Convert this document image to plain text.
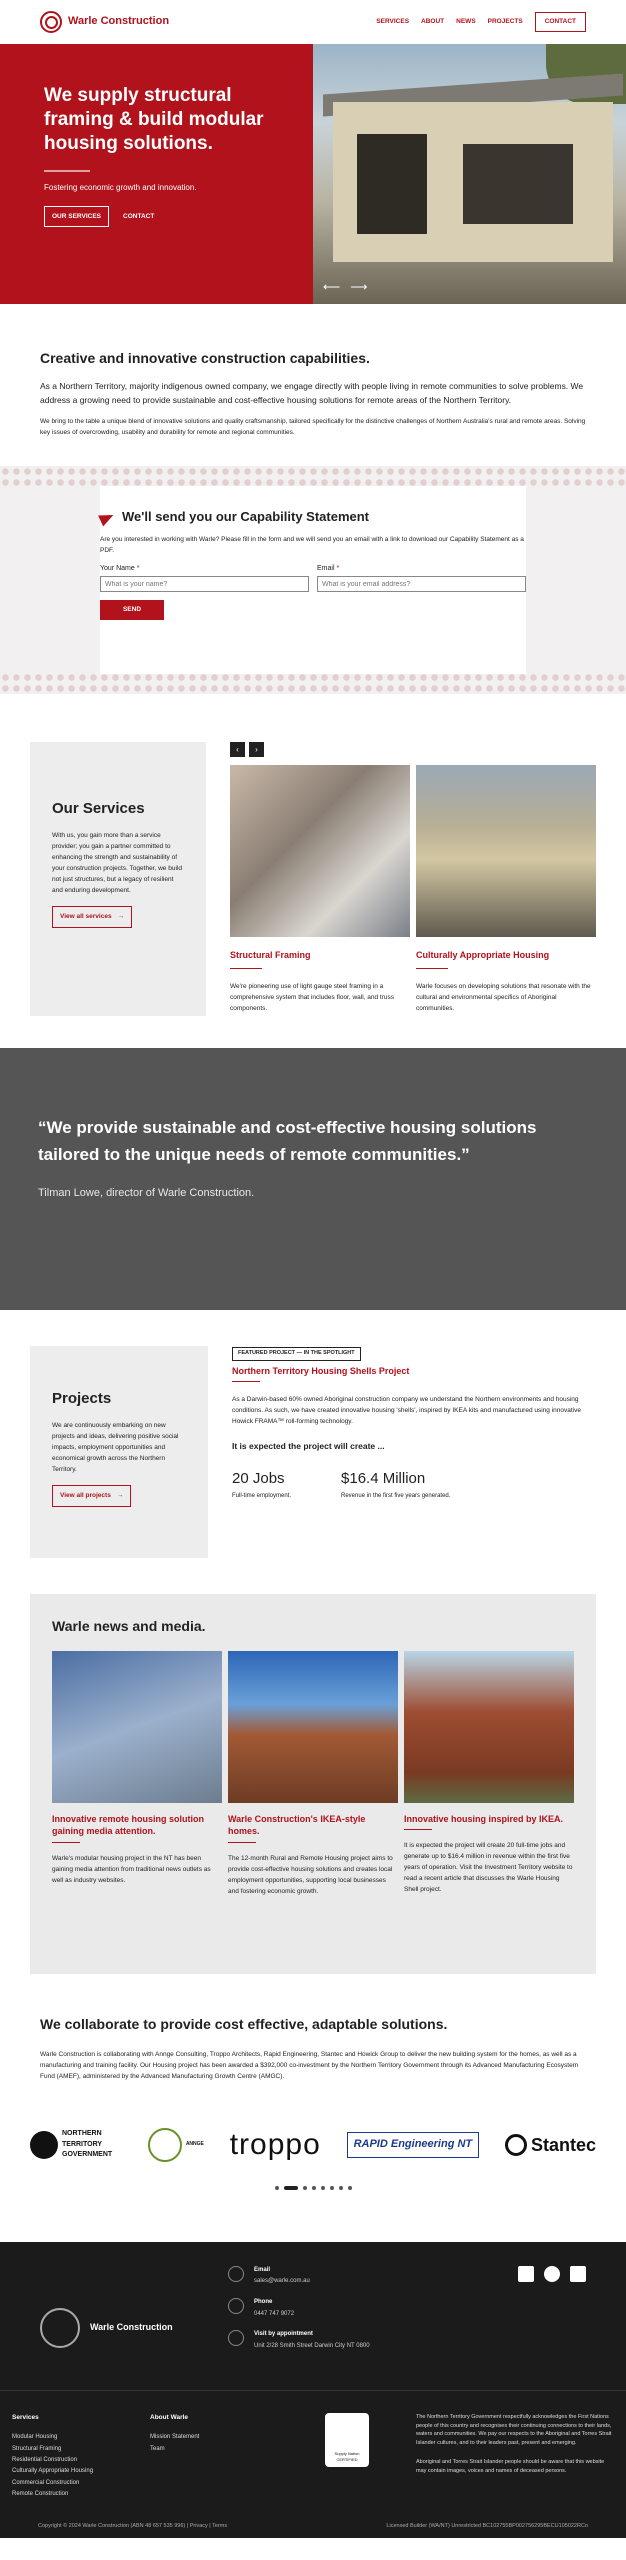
Warle Construction	SERVICES ABOUT NEWS PROJECTS	CONTACT
We supply structural framing & build modular housing solutions.

Fostering economic growth and innovation.

OUR SERVICES	CONTACT
⟵ ⟶
Creative and innovative construction capabilities.

As a Northern Territory, majority indigenous owned company, we engage directly with people living in remote communities to solve problems. We address a growing need to provide sustainable and cost-effective housing solutions for remote areas of the Northern Territory.

We bring to the table a unique blend of innovative solutions and quality craftsmanship, tailored specifically for the distinctive challenges of Northern Australia's rural and remote areas. Solving key issues of overcrowding, usability and durability for remote and regional communities.

We'll send you our Capability Statement

Are you interested in working with Warle? Please fill in the form and we will send you an email with a link to download our Capability Statement as a PDF.

Your Name *
What is your name?	Email *
What is your email address?
SEND
Our Services

With us, you gain more than a service provider; you gain a partner committed to enhancing the strength and sustainability of your construction projects. Together, we build not just structures, but a legacy of resilient and enduring development.

View all services →
‹	›
Structural Framing

We're pioneering use of light gauge steel framing in a comprehensive system that includes floor, wall, and truss components.

Culturally Appropriate Housing

Warle focuses on developing solutions that resonate with the cultural and environmental specifics of Aboriginal communities.

“We provide sustainable and cost-effective housing solutions tailored to the unique needs of remote communities.”

Tilman Lowe, director of Warle Construction.

Projects

We are continuously embarking on new projects and ideas, delivering positive social impacts, employment opportunities and economical growth across the Northern Territory.

View all projects →
FEATURED PROJECT — IN THE SPOTLIGHT
Northern Territory Housing Shells Project

As a Darwin-based 60% owned Aboriginal construction company we understand the Northern environments and housing conditions. As such, we have created innovative housing 'shells', inspired by IKEA kits and manufactured using innovative Howick FRAMA™ roll-forming technology.

It is expected the project will create ...

20 Jobs
Full-time employment.
$16.4 Million
Revenue in the first five years generated.
Warle news and media.
Innovative remote housing solution gaining media attention.

Warle's modular housing project in the NT has been gaining media attention from traditional news outlets as well as industry websites.

Warle Construction's IKEA-style homes.

The 12-month Rural and Remote Housing project aims to provide cost-effective housing solutions and creates local employment opportunities, supporting local businesses and fostering economic growth.

Innovative housing inspired by IKEA.

It is expected the project will create 20 full-time jobs and generate up to $16.4 million in revenue within the first five years of operation. Visit the Investment Territory website to read a recent article that discusses the Warle Housing Shell project.

We collaborate to provide cost effective, adaptable solutions.

Warle Construction is collaborating with Annge Consulting, Troppo Architects, Rapid Engineering, Stantec and Howick Group to deliver the new building system for the homes, as well as a manufacturing and training facility. Our Housing project has been awarded a $392,000 co-investment by the Northern Territory Government through its Advanced Manufacturing Ecosystem Fund (AMEF), administered by the Advanced Manufacturing Growth Centre (AMGC).

NORTHERN TERRITORY GOVERNMENT
ANNGE troppo	RAPID Engineering NT	Stantec
Warle Construction
Email
sales@warle.com.au
Phone
0447 747 9072
Visit by appointment
Unit 2/28 Smith Street Darwin City NT 0800
Services
Modular Housing
Structural Framing
Residential Construction
Culturally Appropriate Housing
Commercial Construction
Remote Construction
About Warle
Mission Statement
Team
Supply Nation CERTIFIED

The Northern Territory Government respectfully acknowledges the First Nations people of this country and recognises their continuing connections to their lands, waters and communities. We pay our respects to the Aboriginal and Torres Strait Islander cultures, and to their leaders past, present and emerging.

Aboriginal and Torres Strait Islander people should be aware that this website may contain images, voices and names of deceased persons.

Copyright © 2024 Warle Construction (ABN 48 657 535 996) | Privacy | Terms	Licensed Builder (WA/NT) Unrestricted BC102755BP002756295BECU105022RCo
